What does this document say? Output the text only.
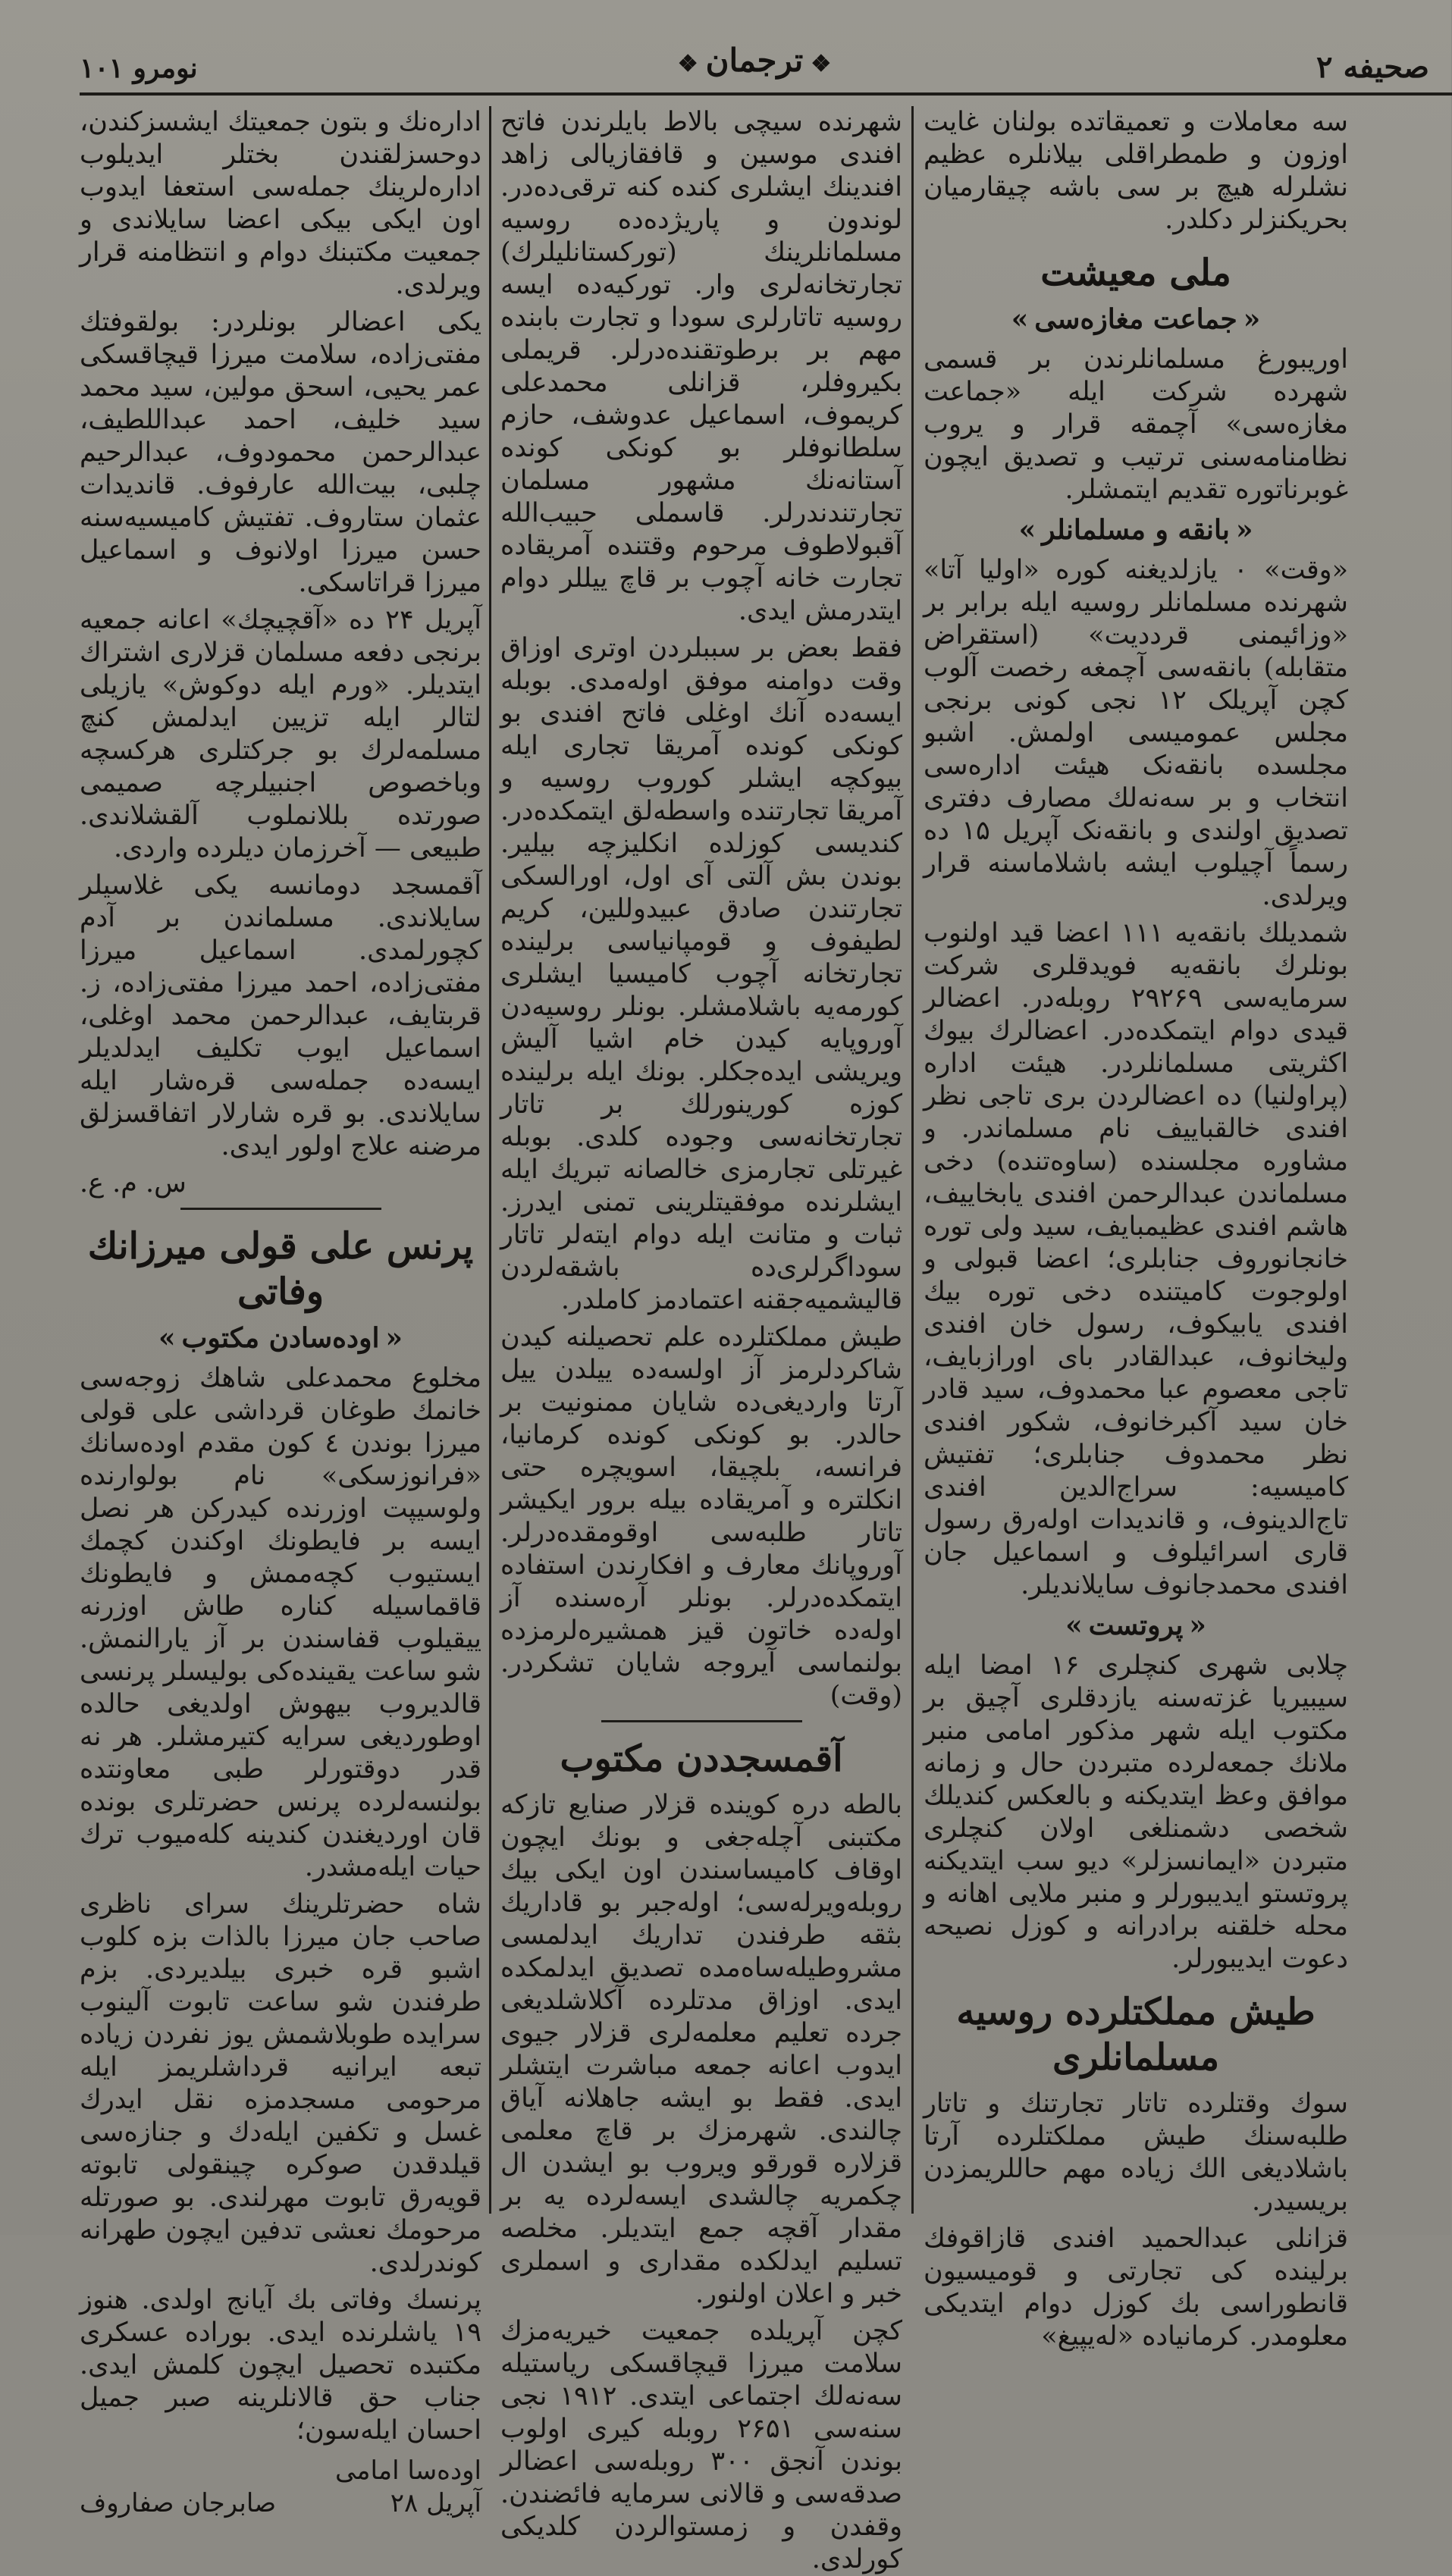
صحیفه ۲
❖ ترجمان ❖
نومرو ۱۰۱

سه معاملات و تعمیقاتده بولنان غایت اوزون و طمطراقلی بیلانلره عظیم نشلرله هیچ بر سی باشه چیقارمیان بحریکنزلر دکلدر.

ملی معیشت
« جماعت مغازه‌سی »

اوریبورغ مسلمانلرندن بر قسمی شهرده شرکت ایله «جماعت مغازه‌سی» آچمقه قرار و یروب نظامنامه‌سنی ترتیب و تصدیق ایچون غوبرناتوره تقدیم ایتمشلر.

« بانقه و مسلمانلر »

«وقت» ۰ یازلدیغنه کوره «اولیا آتا» شهرنده مسلمانلر روسیه ایله برابر بر «وزائیمنی قرددیت» (استقراض متقابله) بانقه‌سی آچمغه رخصت آلوب کچن آپریلک ۱۲ نجی کونی برنجی مجلس عمومیسی اولمش. اشبو مجلسده بانقه‌نک هیئت اداره‌سی انتخاب و بر سه‌نه‌لك مصارف دفتری تصدیق اولندی و بانقه‌نک آپریل ۱۵ ده رسماً آچیلوب ایشه باشلاماسنه قرار ویرلدی.

شمدیلك بانقه‌یه ۱۱۱ اعضا قید اولنوب بونلرك بانقه‌یه فویدقلری شرکت سرمایه‌سی ۲۹۲۶۹ روبله‌در. اعضالر قیدی دوام ایتمکده‌در. اعضالرك بیوك اکثریتی مسلمانلردر. هیئت اداره (پراولنیا) ده اعضالردن بری تاجی نظر افندی خالقباییف نام مسلماندر. و مشاوره مجلسنده (ساوه‌تنده) دخی مسلماندن عبدالرحمن افندی یابخاییف، هاشم افندی عظیمبایف، سید ولی توره خانجانوروف جنابلری؛ اعضا قبولی و اولوجوت کامیتنده دخی توره بیك افندی یابیکوف، رسول خان افندی ولیخانوف، عبدالقادر بای اورازبایف، تاجی معصوم عبا محمدوف، سید قادر خان سید آکبرخانوف، شکور افندی نظر محمدوف جنابلری؛ تفتیش کامیسیه: سراج‌الدین افندی تاج‌الدینوف، و قاندیدات اولەرق رسول قاری اسرائیلوف و اسماعیل جان افندی محمدجانوف سایلاندیلر.

« پروتست »

چلابی شهری کنچلری ۱۶ امضا ایله سیبیریا غزته‌سنه یازدقلری آچیق بر مکتوب ایله شهر مذکور امامی منبر ملانك جمعه‌لرده متبردن حال و زمانه موافق وعظ ایتدیکنه و بالعکس کندیلك شخصی دشمنلغی اولان کنچلری متبردن «ایمانسزلر» دیو سب ایتدیکنه پروتستو ایدیبورلر و منبر ملایی اهانه و محله خلقنه برادرانه و کوزل نصیحه دعوت ایدیبورلر.

طیش مملکتلرده روسیه مسلمانلری

سوك وقتلرده تاتار تجارتنك و تاتار طلبه‌سنك طیش مملکتلرده آرتا باشلادیغی الك زیاده مهم حاللریمزدن بریسیدر.

قزانلی عبدالحمید افندی قازاقوفك برلیندە کی تجارتی و قومیسیون قانطوراسی بك کوزل دوام ایتدیکی معلومدر. کرمانیاده «لەیپیغ»

شهرنده سیچی بالاط بایلرندن فاتح افندی موسین و قافقازیالی زاهد افندینك ایشلری کنده کنه ترقی‌ده‌در. لوندون و پاریژده‌ده روسیه مسلمانلرینك (تورکستانلیلرك) تجارتخانه‌لری وار. تورکیه‌ده ایسه روسیه تاتارلری سودا و تجارت بابنده مهم بر برطوتقنده‌درلر. قریملی بکیروفلر، قزانلی محمدعلی کریموف، اسماعیل عدوشف، حازم سلطانوفلر بو کونکی کونده آستانەنك مشهور مسلمان تجارتندندرلر. قاسملی حبیب‌الله آقبولاطوف مرحوم وقتنده آمریقاده تجارت خانه آچوب بر قاچ ییللر دوام ایتدرمش ایدی.

فقط بعض بر سببلردن اوتری اوزاق وقت دوامنه موفق اولەمدی. بوبلە ایسه‌ده آنك اوغلی فاتح افندی بو کونکی کونده آمریقا تجاری ایله بیوکچه ایشلر کوروب روسیه و آمریقا تجارتنده واسطه‌لق ایتمکده‌در. کندیسی کوزلده انکلیزچه بیلیر. بوندن بش آلتی آی اول، اورالسکی تجارتندن صادق عبیدوللین، کریم لطیفوف و قومپانیاسی برلینده تجارتخانه آچوب کامیسیا ایشلری کورمه‌یه باشلامشلر. بونلر روسیه‌دن آوروپایه کیدن خام اشیا آلیش ویریشی ایدەجکلر. بونك ایله برلینده کوزه کورینورلك بر تاتار تجارتخانه‌سی وجوده کلدی. بوبله غیرتلی تجارمزی خالصانه تبریك ایله ایشلرنده موفقیتلرینی تمنی ایدرز. ثبات و متانت ایله دوام ایتەلر تاتار سوداگرلری‌ده باشقه‌لردن قالیشمیه‌جقنه اعتمادمز کاملدر.

طیش مملکتلرده علم تحصیلنه کیدن شاکرد‌لرمز آز اولسه‌ده ییلدن ییل آرتا واردیغی‌ده شایان ممنونیت بر حالدر. بو کونکی کونده کرمانیا، فرانسه، بلچیقا، اسویچره حتی انکلتره و آمریقاده بیله برور ایکیشر تاتار طلبه‌سی اوقومقده‌درلر. آوروپانك معارف و افکارندن استفاده ایتمکده‌درلر. بونلر آره‌سنده آز اوله‌ده خاتون قیز همشیره‌لرمزده بولنماسی آیروجه شایان تشکردر. (وقت)

آقمسجددن مکتوب

بالطه دره کوینده قزلار صنایع تازکه مکتبنی آچلەجغی و بونك ایچون اوقاف کامیساسندن اون ایکی بیك روبله‌ویرلەسی؛ اولەجبر بو قاداریك بثقه طرفندن تداریك ایدلمسی مشروطیله‌ساه‌مدە تصدیق ایدلمکده ایدی. اوزاق مدتلرده آکلاشلدیغی جرده تعلیم معلمه‌لری قزلار جیوی ایدوب اعانه جمعه مباشرت ایتشلر ایدی. فقط بو ایشه جاهلانه آیاق چالندی. شهرمزك بر قاچ معلمی قزلاره قورقو ویروب بو ایشدن ال چکمریه چالشدی ایسه‌لرده یه بر مقدار آقچه جمع ایتدیلر. مخلصه تسلیم ایدلکده مقداری و اسملری خبر و اعلان اولنور.

کچن آپریلده جمعیت خیریه‌مزك سلامت میرزا قیچاقسکی ریاستیله سه‌نەلك اجتماعی ایتدی. ۱۹۱۲ نجی سنه‌سی ۲۶۵۱ روبله کیری اولوب بوندن آنجق ۳۰۰ روبله‌سی اعضالر صدقه‌سی و قالانی سرمایه فائضندن. وقفدن و زمستوالردن کلدیکی کورلدی.

ادارەنك و بتون جمعیتك ایشسزکندن، دوحسزلقندن بختلر ایدیلوب اداره‌لرینك جمله‌سی استعفا ایدوب اون ایکی بیکی اعضا سایلاندی و جمعیت مکتبنك دوام و انتظامنه قرار ویرلدی.

یکی اعضالر بونلردر: بولقوفتك مفتی‌زاده، سلامت میرزا قیچاقسکی عمر یحیی، اسحق مولین، سید محمد سید خلیف، احمد عبداللطیف، عبدالرحمن محمودوف، عبدالرحیم چلبی، بیت‌الله عارفوف. قاندیدات عثمان ستاروف. تفتیش کامیسیه‌سنه حسن میرزا اولانوف و اسماعیل میرزا قراتاسکی.

آپریل ۲۴ ده «آقچیچك» اعانه جمعیه برنجی دفعه مسلمان قزلاری اشتراك ایتدیلر. «ورم ایله دوکوش» یازیلی لتالر ایله تزیین ایدلمش کنچ مسلمه‌لرك بو جرکتلری هرکسچه وباخصوص اجنبیلرچه صمیمی صورتده بللانملوب آلقشلاندی. طبیعی — آخرزمان دیلرده واردی.

آقمسجد دومانسه یکی غلاسیلر سایلاندی. مسلماندن بر آدم کچورلمدی. اسماعیل میرزا مفتی‌زاده، احمد میرزا مفتی‌زاده، ز. قربتایف، عبدالرحمن محمد اوغلی، اسماعیل ایوب تکلیف ایدلدیلر ایسه‌ده جمله‌سی قرەشار ایله سایلاندی. بو قره شارلار اتفاقسزلق مرضنه علاج اولور ایدی.

س. م. ع.

پرنس علی قولی میرزانك وفاتی
« اوده‌سادن مکتوب »

مخلوع محمدعلی شاهك زوجه‌سی خانمك طوغان قرداشی علی قولی میرزا بوندن ٤ کون مقدم اوده‌سانك «فرانوزسکی» نام بولوارنده ولوسیپت اوزرنده کیدرکن هر نصل ایسه بر فایطونك اوکندن کچمك ایستیوب کچەممش و فایطونك قاقماسیله کناره طاش اوزرنه ییقیلوب قفاسندن بر آز یارالنمش. شو ساعت یقینده‌کی بولیسلر پرنسی قالدیروب بیهوش اولدیغی حالده اوطوردیغی سرایه کتیرمشلر. هر نه قدر دوقتورلر طبی معاونتده بولنسه‌لرده پرنس حضرتلری بونده قان اوردیغندن کندینه کله‌میوب ترك حیات ایلەمشدر.

شاه حضرتلرینك سرای ناظری صاحب جان میرزا بالذات بزه کلوب اشبو قره خبری بیلدیردی. بزم طرفندن شو ساعت تابوت آلینوب سرایده طوبلاشمش یوز نفردن زیاده تبعه ایرانیه قرداشلریمز ایله مرحومی مسجدمزه نقل ایدرك غسل و تکفین ایلەدك و جنازه‌سی قیلدقدن صوکره چینقولی تابوته قویەرق تابوت مهرلندی. بو صورتله مرحومك نعشی تدفین ایچون طهرانه کوندرلدی.

پرنسك وفاتی بك آیانج اولدی. هنوز ۱۹ یاشلرنده ایدی. بوراده عسکری مکتبده تحصیل ایچون کلمش ایدی. جناب حق قالانلرینه صبر جمیل احسان ایلەسون؛

اوده‌سا امامی
آپریل ۲۸
صابرجان صفاروف
